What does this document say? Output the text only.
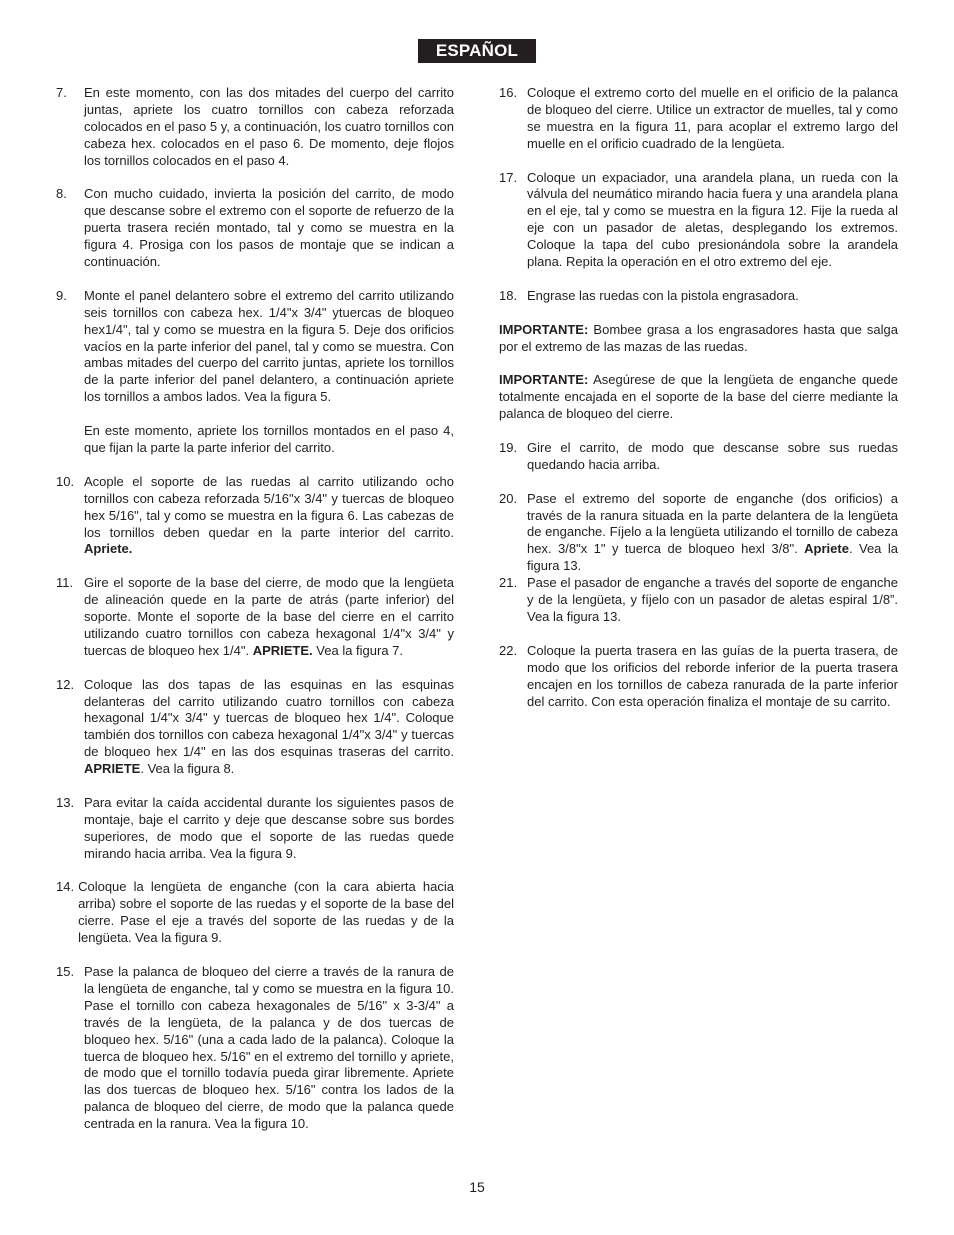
ESPAÑOL
7.	En este momento, con las dos mitades del cuerpo del carrito juntas, apriete los cuatro tornillos con cabeza reforzada colocados en el paso 5 y, a continuación, los cuatro tornillos con cabeza hex. colocados en el paso 6. De momento, deje flojos los tornillos colocados en el paso 4.
8.	Con mucho cuidado, invierta la posición del carrito, de modo que descanse sobre el extremo con el soporte de refuerzo de la puerta trasera recién montado, tal y como se muestra en la figura 4. Prosiga con los pasos de montaje que se indican a continuación.
9.	Monte el panel delantero sobre el extremo del carrito utilizando seis tornillos con cabeza hex. 1/4"x 3/4" ytuercas de bloqueo hex1/4", tal y como se muestra en la figura 5. Deje dos orificios vacíos en la parte inferior del panel, tal y como se muestra. Con ambas mitades del cuerpo del carrito juntas, apriete los tornillos de la parte inferior del panel delantero, a continuación apriete los tornillos a ambos lados. Vea la figura 5.
En este momento, apriete los tornillos montados en el paso 4, que fijan la parte la parte inferior del carrito.
10. Acople el soporte de las ruedas al carrito utilizando ocho tornillos con cabeza reforzada 5/16"x 3/4" y tuercas de bloqueo hex 5/16", tal y como se muestra en la figura 6. Las cabezas de los tornillos deben quedar en la parte interior del carrito. Apriete.
11. Gire el soporte de la base del cierre, de modo que la lengüeta de alineación quede en la parte de atrás (parte inferior) del soporte. Monte el soporte de la base del cierre en el carrito utilizando cuatro tornillos con cabeza hexagonal 1/4"x 3/4" y tuercas de bloqueo hex 1/4". APRIETE. Vea la figura 7.
12. Coloque las dos tapas de las esquinas en las esquinas delanteras del carrito utilizando cuatro tornillos con cabeza hexagonal 1/4"x 3/4" y tuercas de bloqueo hex 1/4". Coloque también dos tornillos con cabeza hexagonal 1/4"x 3/4" y tuercas de bloqueo hex 1/4" en las dos esquinas traseras del carrito. APRIETE. Vea la figura 8.
13. Para evitar la caída accidental durante los siguientes pasos de montaje, baje el carrito y deje que descanse sobre sus bordes superiores, de modo que el soporte de las ruedas quede mirando hacia arriba. Vea la figura 9.
14. Coloque la lengüeta de enganche (con la cara abierta hacia arriba) sobre el soporte de las ruedas y el soporte de la base del cierre. Pase el eje a través del soporte de las ruedas y de la lengüeta. Vea la figura 9.
15. Pase la palanca de bloqueo del cierre a través de la ranura de la lengüeta de enganche, tal y como se muestra en la figura 10. Pase el tornillo con cabeza hexagonales de 5/16" x 3-3/4" a través de la lengüeta, de la palanca y de dos tuercas de bloqueo hex. 5/16" (una a cada lado de la palanca). Coloque la tuerca de bloqueo hex. 5/16" en el extremo del tornillo y apriete, de modo que el tornillo todavía pueda girar libremente. Apriete las dos tuercas de bloqueo hex. 5/16" contra los lados de la palanca de bloqueo del cierre, de modo que la palanca quede centrada en la ranura. Vea la figura 10.
16. Coloque el extremo corto del muelle en el orificio de la palanca de bloqueo del cierre. Utilice un extractor de muelles, tal y como se muestra en la figura 11, para acoplar el extremo largo del muelle en el orificio cuadrado de la lengüeta.
17. Coloque un expaciador, una arandela plana, un rueda con la válvula del neumático mirando hacia fuera y una arandela plana en el eje, tal y como se muestra en la figura 12. Fije la rueda al eje con un pasador de aletas, desplegando los extremos. Coloque la tapa del cubo presionándola sobre la arandela plana. Repita la operación en el otro extremo del eje.
18. Engrase las ruedas con la pistola engrasadora.
IMPORTANTE: Bombee grasa a los engrasadores hasta que salga por el extremo de las mazas de las ruedas.
IMPORTANTE: Asegúrese de que la lengüeta de enganche quede totalmente encajada en el soporte de la base del cierre mediante la palanca de bloqueo del cierre.
19. Gire el carrito, de modo que descanse sobre sus ruedas quedando hacia arriba.
20. Pase el extremo del soporte de enganche (dos orificios) a través de la ranura situada en la parte delantera de la lengüeta de enganche. Fíjelo a la lengüeta utilizando el tornillo de cabeza hex. 3/8"x 1" y tuerca de bloqueo hexl 3/8". Apriete. Vea la figura 13.
21. Pase el pasador de enganche a través del soporte de enganche y de la lengüeta, y fíjelo con un pasador de aletas espiral 1/8”. Vea la figura 13.
22. Coloque la puerta trasera en las guías de la puerta trasera, de modo que los orificios del reborde inferior de la puerta trasera encajen en los tornillos de cabeza ranurada de la parte inferior del carrito. Con esta operación finaliza el montaje de su carrito.
15
